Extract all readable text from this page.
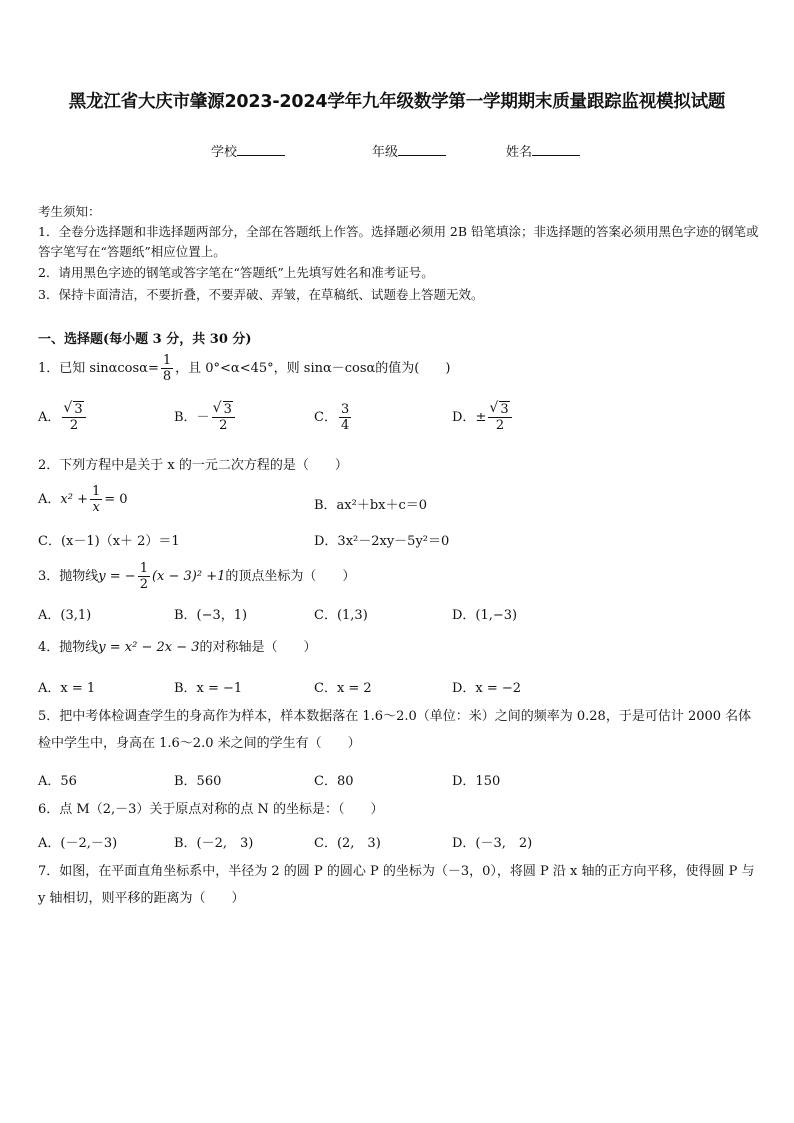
黑龙江省大庆市肇源2023-2024学年九年级数学第一学期期末质量跟踪监视模拟试题
学校	年级	姓名
考生须知：
1．全卷分选择题和非选择题两部分，全部在答题纸上作答。选择题必须用 2B 铅笔填涂；非选择题的答案必须用黑色字迹的钢笔或答字笔写在“答题纸”相应位置上。
2．请用黑色字迹的钢笔或答字笔在“答题纸”上先填写姓名和准考证号。
3．保持卡面清洁，不要折叠，不要弄破、弄皱，在草稿纸、试题卷上答题无效。
一、选择题(每小题 3 分，共 30 分)
1．已知 $\sin\alpha\cos\alpha= \frac{1}{8}$ ，且 0°<α<45°，则 sinα－cosα的值为(　　)
A． √ $\frac{3}{2}$	B．－ √ $\frac{3}{2}$	C． $\frac{3}{4}$	D．± √ $\frac{3}{2}$
2．下列方程中是关于 x 的一元二次方程的是（　　）
A．$x^2 + \frac{1}{x} = 0$	B．ax²＋bx＋c＝0
C．(x－1)（x＋ 2）＝1	D．3x²－2xy－5y²＝0
3．抛物线y = − $\frac{1}{2} (x - 3)^2 +1$的顶点坐标为（　　）
A．(3,1)	B．(−3，1)	C．(1,3)	D．(1,−3)
4．抛物线y = x² − 2x − 3的对称轴是（　　）
A．x = 1	B．x = −1	C．x = 2	D．x = −2
5．把中考体检调查学生的身高作为样本，样本数据落在 1.6～2.0（单位：米）之间的频率为 0.28，于是可估计 2000 名体检中学生中，身高在 1.6～2.0 米之间的学生有（　　）
A．56	B．560	C．80	D．150
6．点 M（2,－3）关于原点对称的点 N 的坐标是：（　　）
A．(－2,－3)	B．(－2,　3)	C．(2,　3)	D．(－3,　2)
7．如图，在平面直角坐标系中，半径为 2 的圆 P 的圆心 P 的坐标为（－3，0），将圆 P 沿 x 轴的正方向平移，使得圆 P 与 y 轴相切，则平移的距离为（　　）
